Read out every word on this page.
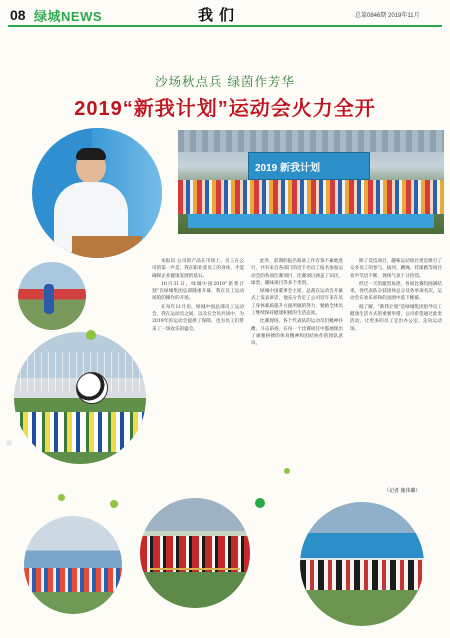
08 绿城NEWS	我们	总第0846期 2019年11月
沙场秋点兵 绿茵作芳华
2019“新我计划”运动会火力全开
2019 新我计划

本报讯 公司的产品在市场上、员工在公司的第一声是，我在职业获员工的身体，才能确保企业健康发展的基石。

10月31日，绿城中国2019“新我计划”在绿城集团总部隆重开幕，我在员工运动场馆的操作的开场。

在每年11月份，绿城中国总部员工运动会，我在运动员之间，以及在全员共同中，为2019年的运动会提供了保障，也为员工们带来了一场欢乐的盛会。

此外，前期的报名筹备工作有条不紊地进行，共有来自各部门的近千名员工报名参加运动会的各项比赛项目，比赛项目涵盖了田径、球类、趣味项目等多个类别。

绿城中国董事会主席，总裁在运动会开幕式上发表讲话，他充分肯定了公司近年来在员工身体素质提升方面所做的努力，勉励全体员工继续保持健康积极的生活态度。

比赛现场，各个代表队的运动员们精神抖擞、斗志昂扬，在每一个比赛项目中都展现出了顽强拼搏的体育精神和团结协作的团队意识。

除了竞技项目，趣味运动项目更是吸引了众多员工的参与，拔河、跳绳、托球跑等项目欢声笑语不断，现场气氛十分热烈。

经过一天的激烈角逐，各项比赛均圆满结束，各代表队分获团体总分及各单项名次，运动会在欢乐祥和的氛围中落下帷幕。

据了解，“新我计划”是绿城集团倡导员工健康生活方式的重要举措，公司希望通过此类活动，让更多的员工走出办公室、走向运动场。

（记者 施玮璐）
